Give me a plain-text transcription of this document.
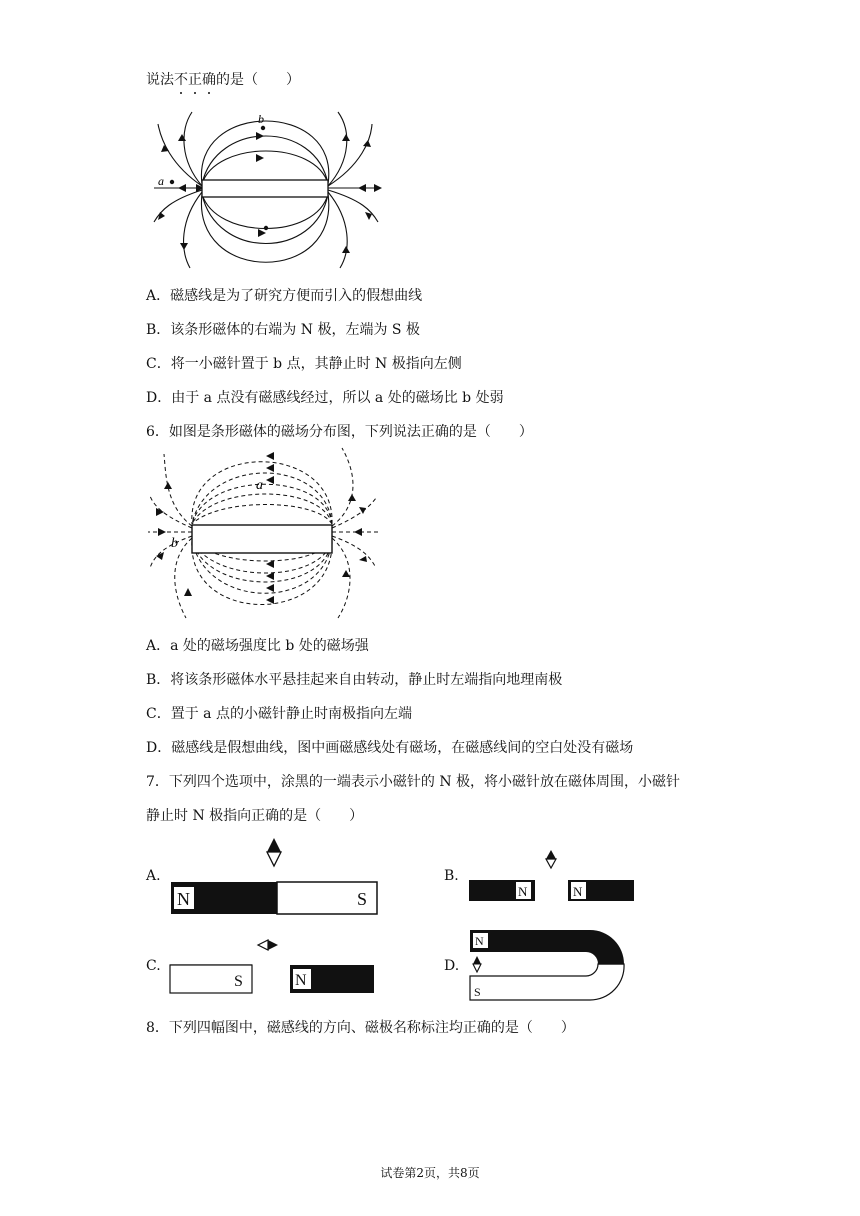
说法不正确
的是（　　）
a
b
A．磁感线是为了研究方便而引入的假想曲线
B．该条形磁体的右端为 N 极，左端为 S 极
C．将一小磁针置于 b 点，其静止时 N 极指向左侧
D．由于 a 点没有磁感线经过，所以 a 处的磁场比 b 处弱
6．如图是条形磁体的磁场分布图，下列说法正确的是（　　）
a
b
A．a 处的磁场强度比 b 处的磁场强
B．将该条形磁体水平悬挂起来自由转动，静止时左端指向地理南极
C．置于 a 点的小磁针静止时南极指向左端
D．磁感线是假想曲线，图中画磁感线处有磁场，在磁感线间的空白处没有磁场
7．下列四个选项中，涂黑的一端表示小磁针的 N 极，将小磁针放在磁体周围，小磁针
静止时 N 极指向正确的是（　　）
A.
N	S
B.
N	N
C.
S	N
D.
N
S
8．下列四幅图中，磁感线的方向、磁极名称标注均正确的是（　　）
试卷第2页，共8页
